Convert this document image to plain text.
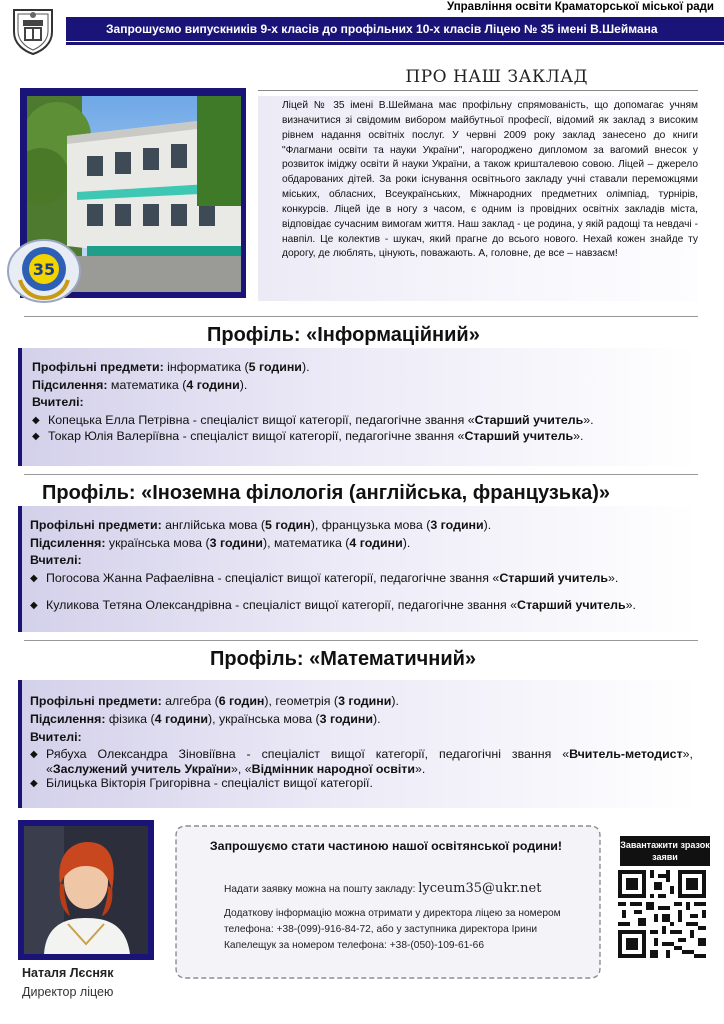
Управління освіти Краматорської міської ради
Запрошуємо випускників 9-х класів до профільних 10-х класів Ліцею № 35 імені В.Шеймана
35
ПРО НАШ ЗАКЛАД
Ліцей № 35 імені В.Шеймана має профільну спрямованість, що допомагає учням визначитися зі свідомим вибором майбутньої професії, відомий як заклад з високим рівнем надання освітніх послуг. У червні 2009 року заклад занесено до книги "Флагмани освіти та науки України", нагороджено дипломом за вагомий внесок у розвиток іміджу освіти й науки України, а також кришталевою совою. Ліцей – джерело обдарованих дітей. За роки існування освітнього закладу учні ставали переможцями міських, обласних, Всеукраїнських, Міжнародних предметних олімпіад, турнірів, конкурсів. Ліцей іде в ногу з часом, є одним із провідних освітніх закладів міста, відповідає сучасним вимогам життя. Наш заклад - це родина, у якій радощі та невдачі - навпіл. Це колектив - шукач, який прагне до всього нового. Нехай кожен знайде ту дорогу, де люблять, цінують, поважають. А, головне, де все – навзаєм!
Профіль: «Інформаційний»
Профільні предмети: інформатика (5 години).
Підсилення: математика (4 години).
Вчителі:
◆ Копецька Елла Петрівна - спеціаліст вищої категорії, педагогічне звання «Старший учитель».
◆ Токар Юлія Валеріївна - спеціаліст вищої категорії, педагогічне звання «Старший учитель».
Профіль: «Іноземна філологія (англійська, французька)»
Профільні предмети: англійська мова (5 годин), французька мова (3 години).
Підсилення: українська мова (3 години), математика (4 години).
Вчителі:
◆ Погосова Жанна Рафаелівна - спеціаліст вищої категорії, педагогічне звання «Старший учитель».
◆ Куликова Тетяна Олександрівна - спеціаліст вищої категорії, педагогічне звання «Старший учитель».
Профіль: «Математичний»
Профільні предмети: алгебра (6 годин), геометрія (3 години).
Підсилення: фізика (4 години), українська мова (3 години).
Вчителі:
◆ Рябуха Олександра Зіновіївна - спеціаліст вищої категорії, педагогічні звання «Вчитель-методист», «Заслужений учитель України», «Відмінник народної освіти».
◆ Білицька Вікторія Григорівна - спеціаліст вищої категорії.
Наталя Лєсняк
Директор ліцею
Запрошуємо стати частиною нашої освітянської родини!
Надати заявку можна на пошту закладу: lyceum35@ukr.net
Додаткову інформацію можна отримати у директора ліцею за номером телефона: +38-(099)-916-84-72, або у заступника директора Ірини Капелещук за номером телефона: +38-(050)-109-61-66
Завантажити зразок заяви
